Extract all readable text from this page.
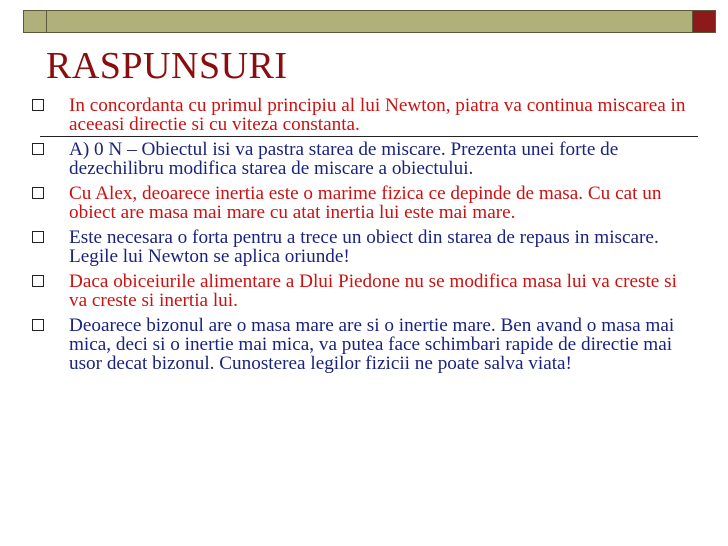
RASPUNSURI
In concordanta cu primul principiu al lui Newton, piatra va continua miscarea in aceeasi directie si cu viteza constanta.
A) 0 N – Obiectul isi va pastra starea de miscare. Prezenta unei forte de dezechilibru modifica starea de miscare a obiectului.
Cu Alex, deoarece inertia este o marime fizica ce depinde de masa. Cu cat un obiect are masa mai mare cu atat inertia lui este mai mare.
Este necesara o forta pentru a trece un obiect din starea de repaus in miscare. Legile lui Newton se aplica oriunde!
Daca obiceiurile alimentare a Dlui Piedone nu se modifica masa lui va creste si va creste si inertia lui.
Deoarece bizonul are o masa mare are si o inertie mare. Ben avand o masa mai mica, deci si o inertie mai mica, va putea face schimbari rapide de directie mai usor decat bizonul. Cunosterea legilor fizicii ne poate salva viata!
